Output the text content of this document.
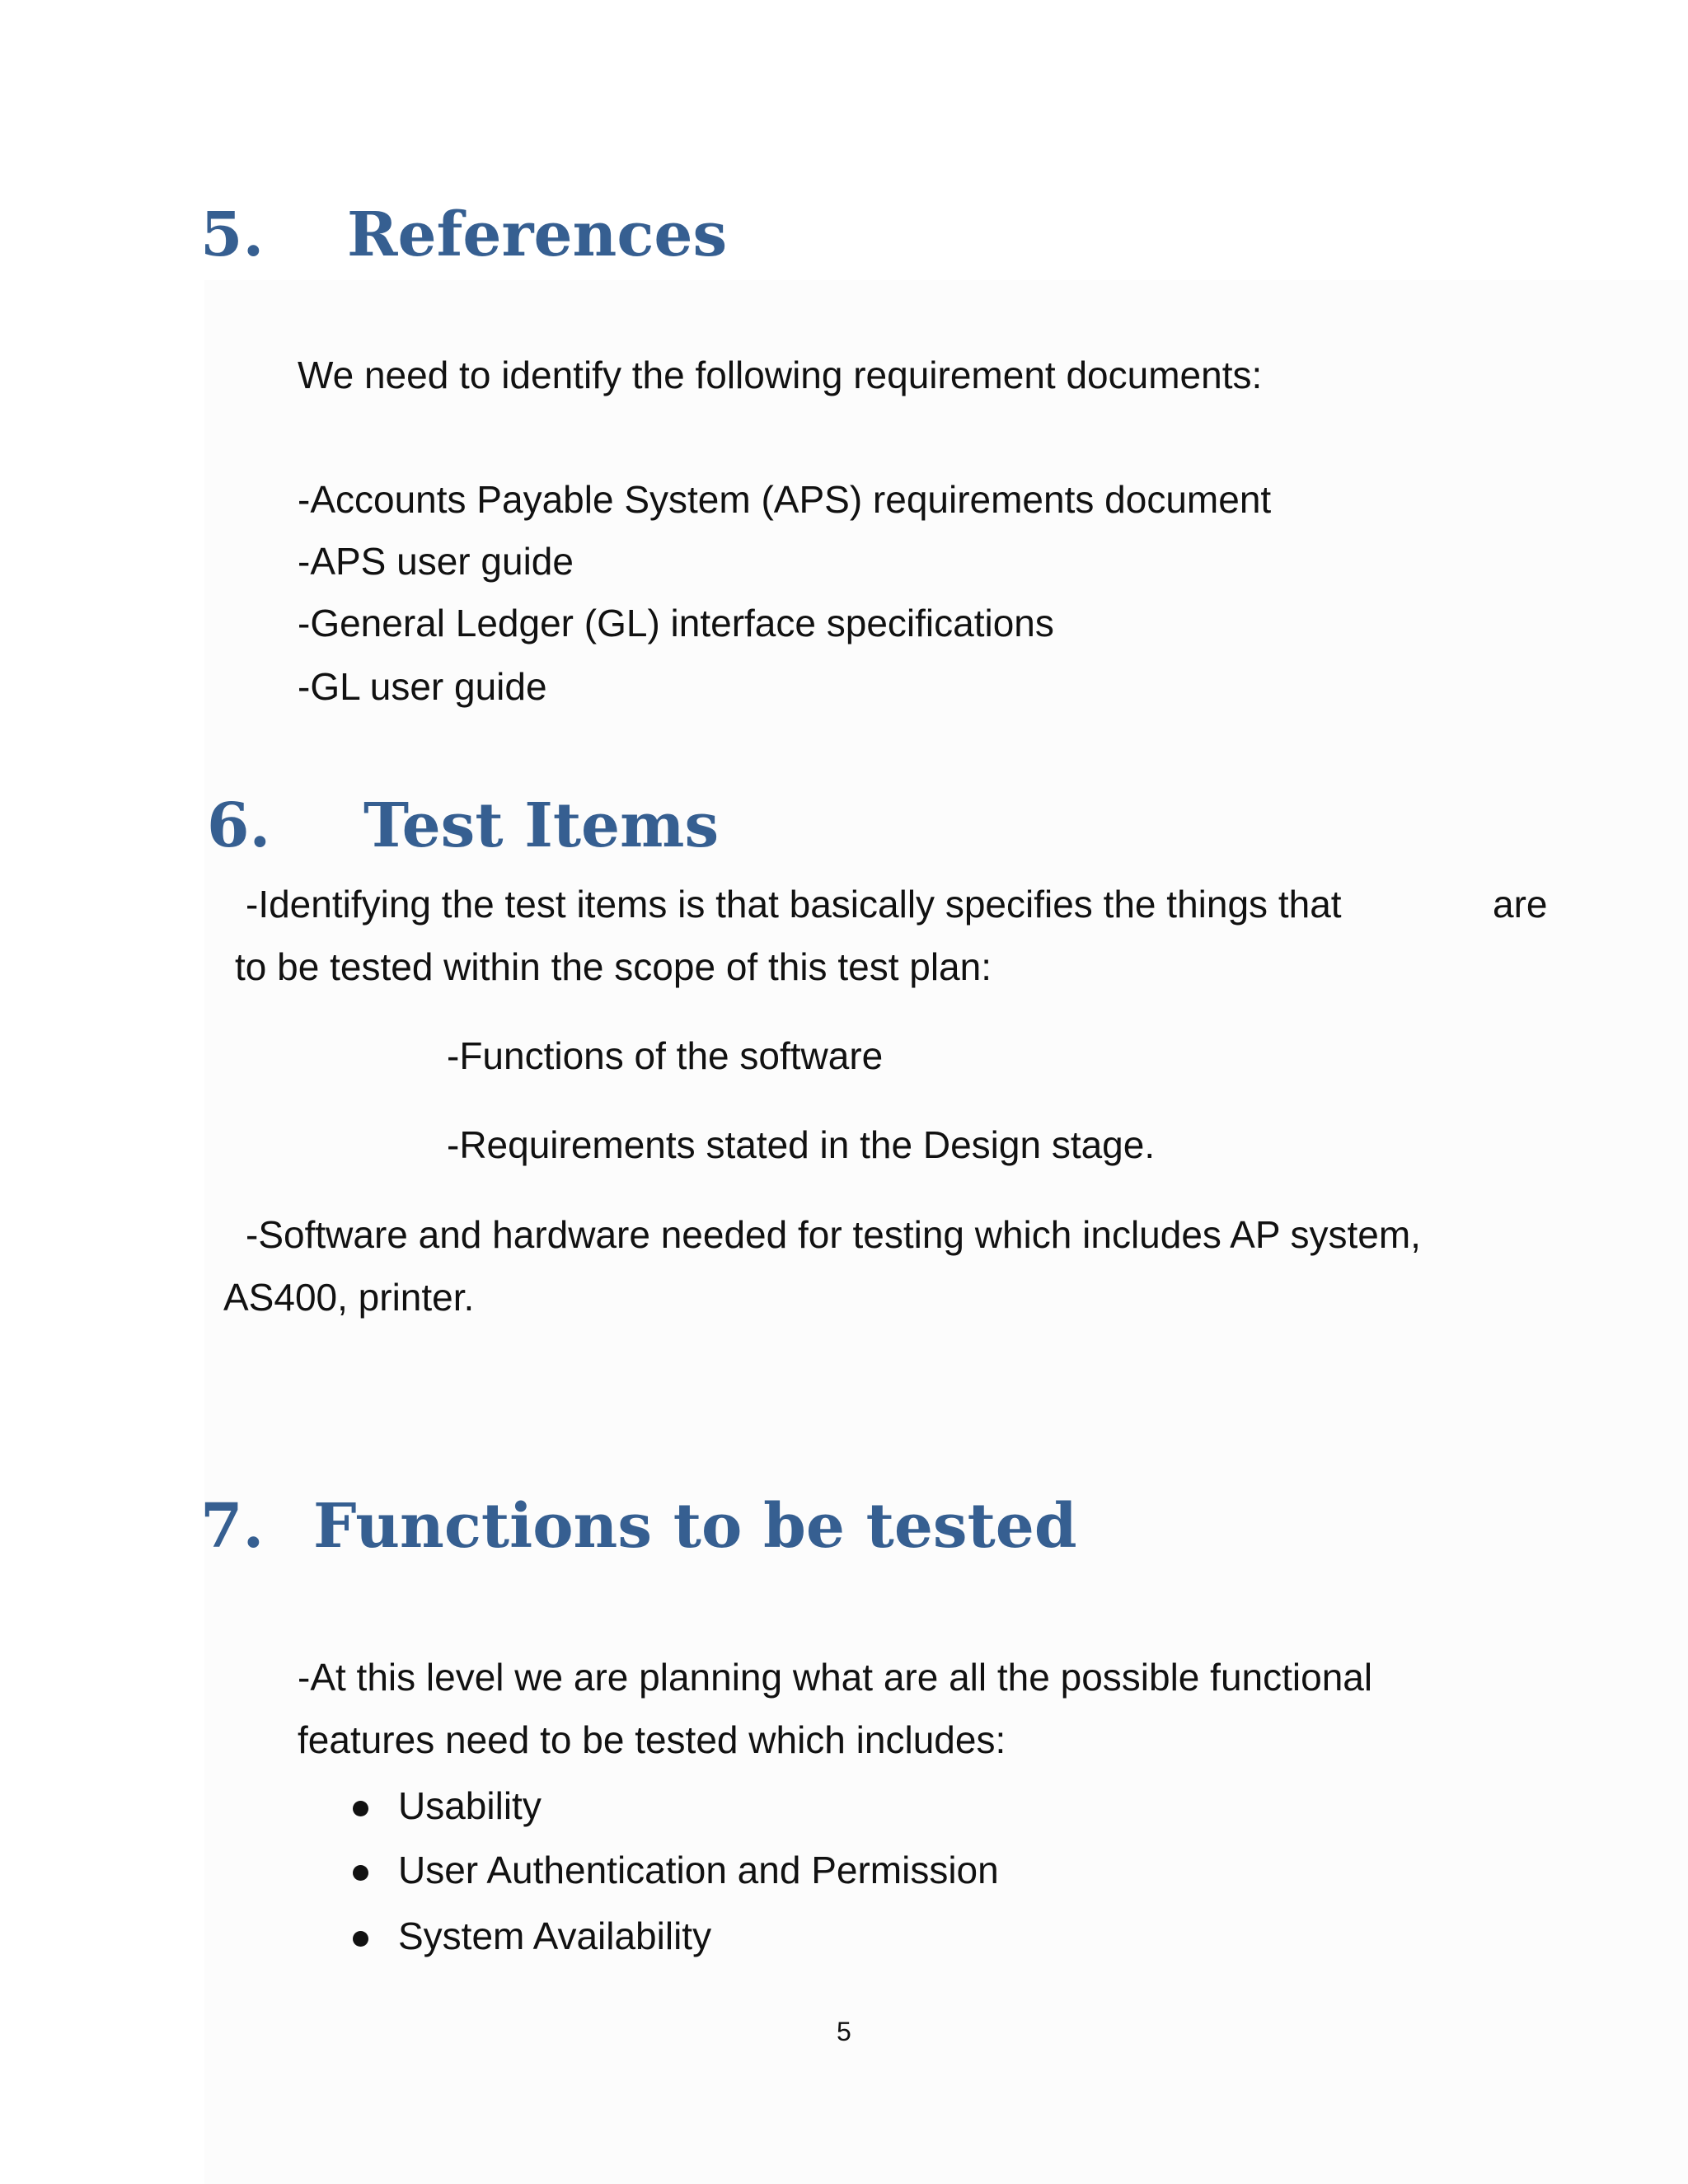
5. References
We need to identify the following requirement documents:
-Accounts Payable System (APS) requirements document
-APS user guide
-General Ledger (GL) interface specifications
-GL user guide
6. Test Items
-Identifying the test items is that basically specifies the things that	are
to be tested within the scope of this test plan:
-Functions of the software
-Requirements stated in the Design stage.
-Software and hardware needed for testing which includes AP system,
AS400, printer.
7. Functions to be tested
-At this level we are planning what are all the possible functional
features need to be tested which includes:
Usability
User Authentication and Permission
System Availability
5
